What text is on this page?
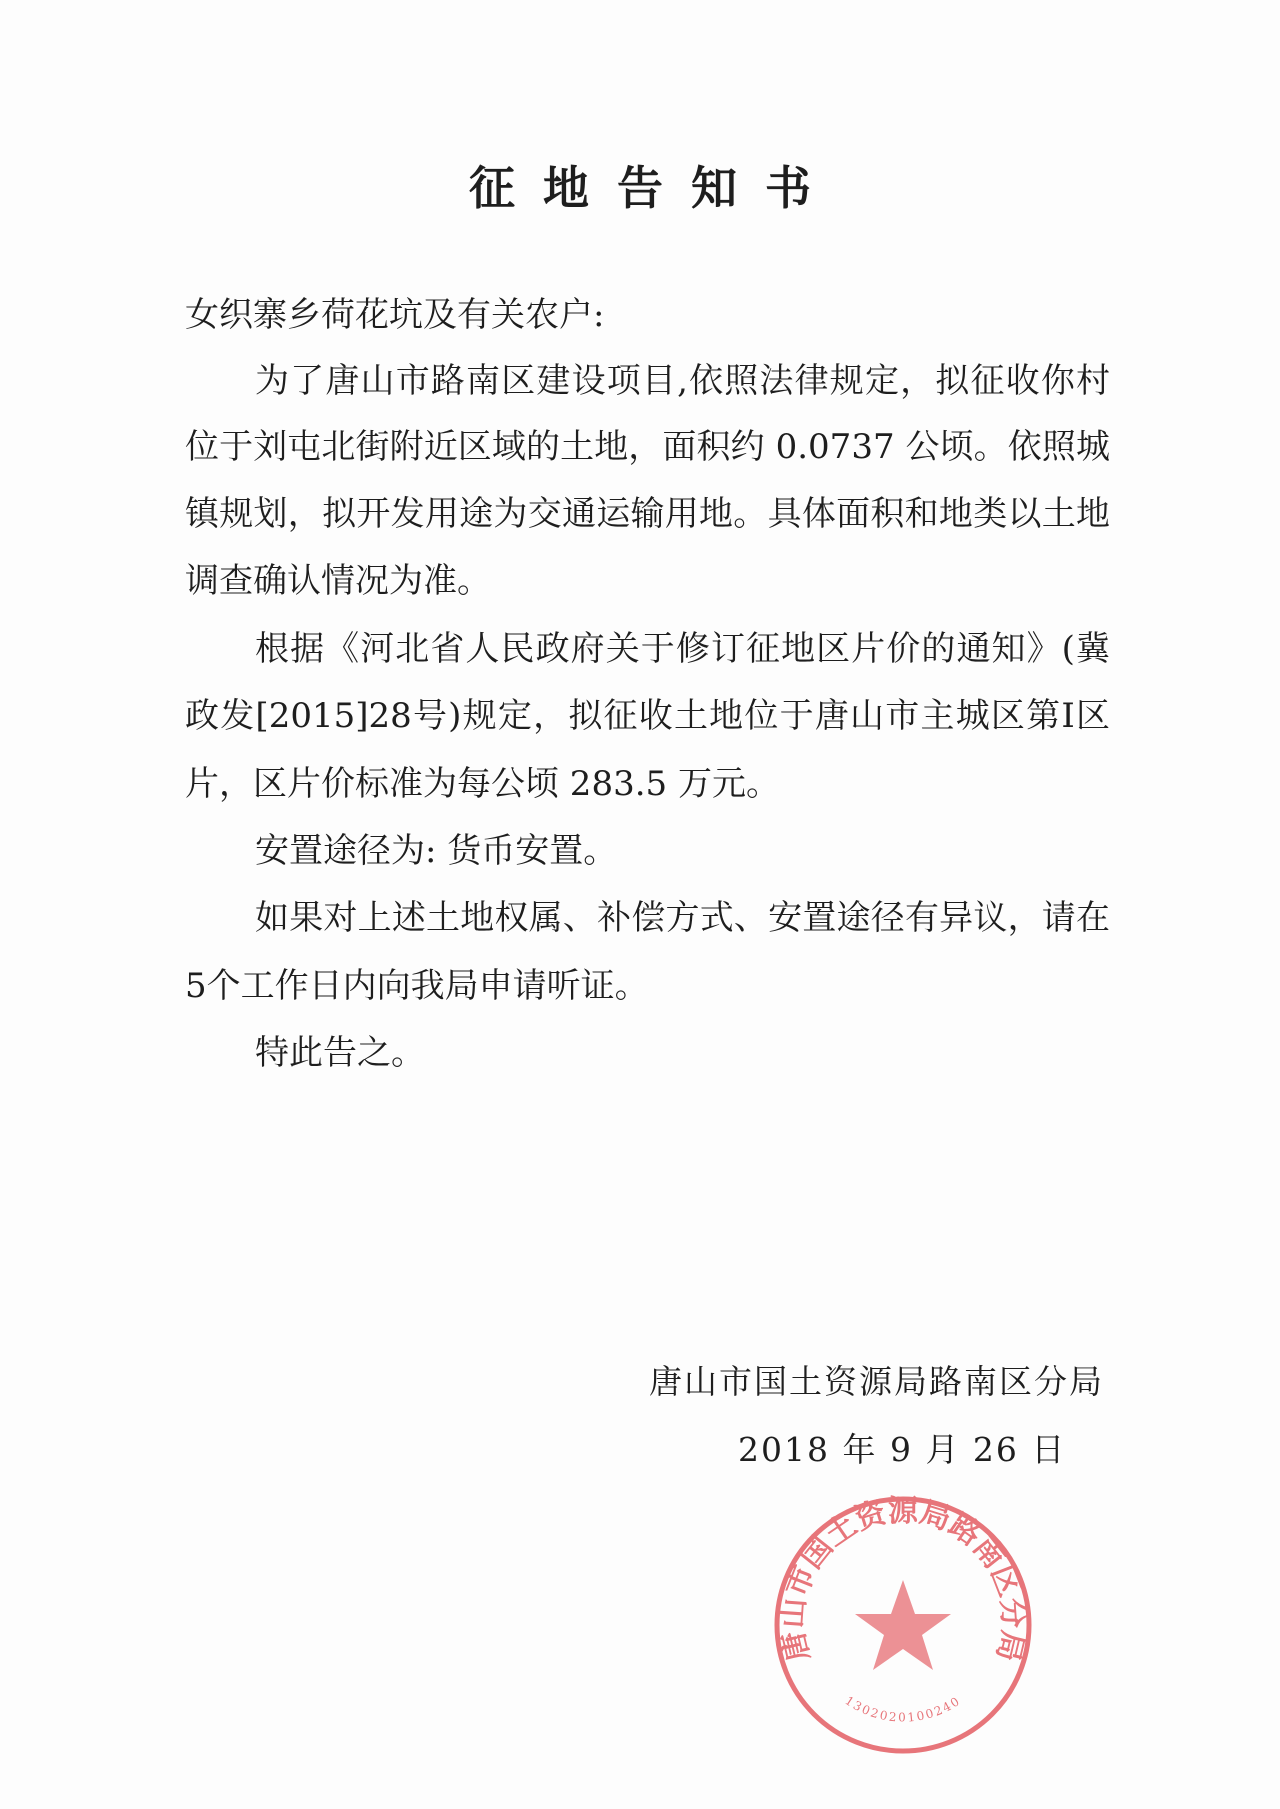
征地告知书
女织寨乡荷花坑及有关农户:
为了唐山市路南区建设项目,依照法律规定，拟征收你村
位于刘屯北街附近区域的土地，面积约 0.0737 公顷。依照城
镇规划，拟开发用途为交通运输用地。具体面积和地类以土地
调查确认情况为准。
根据《河北省人民政府关于修订征地区片价的通知》(冀
政发[2015]28号)规定，拟征收土地位于唐山市主城区第Ⅰ区
片，区片价标准为每公顷 283.5 万元。
安置途径为: 货币安置。
如果对上述土地权属、补偿方式、安置途径有异议，请在
5个工作日内向我局申请听证。
特此告之。
唐山市国土资源局路南区分局
2018 年 9 月 26 日
唐山市国土资源局路南区分局
1302020100240
